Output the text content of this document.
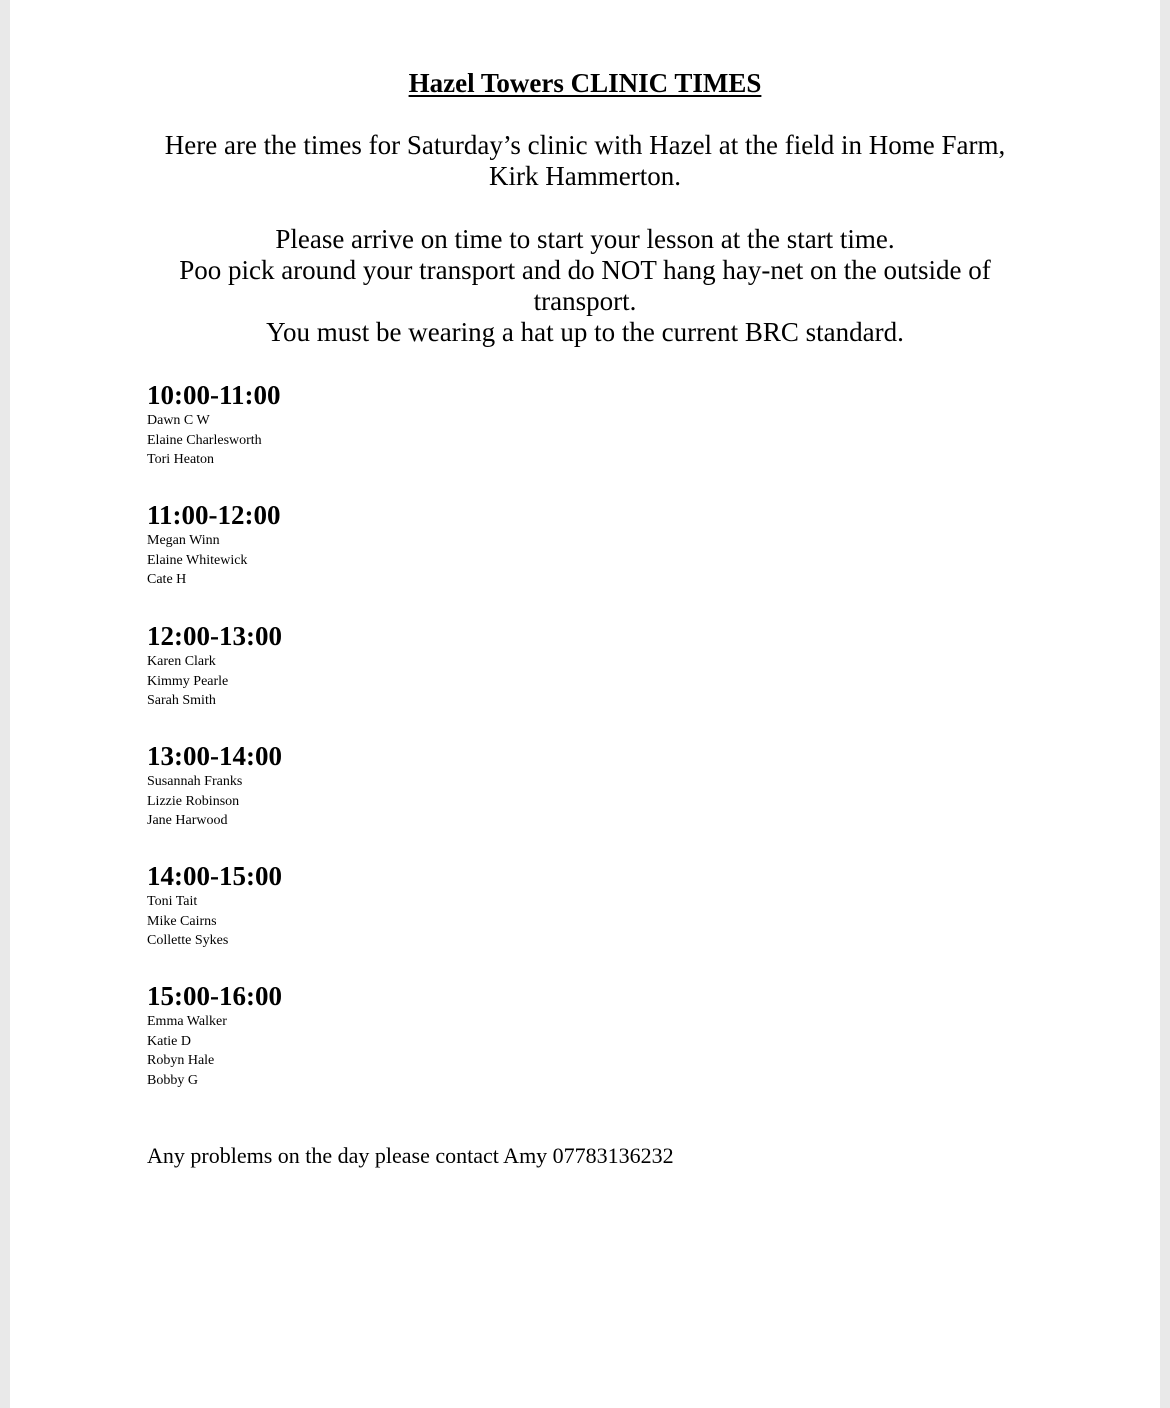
Hazel Towers CLINIC TIMES

Here are the times for Saturday’s clinic with Hazel at the field in Home Farm,

Kirk Hammerton.

Please arrive on time to start your lesson at the start time.

Poo pick around your transport and do NOT hang hay-net on the outside of

transport.

You must be wearing a hat up to the current BRC standard.

10:00-11:00
Dawn C W
Elaine Charlesworth
Tori Heaton
11:00-12:00
Megan Winn
Elaine Whitewick
Cate H
12:00-13:00
Karen Clark
Kimmy Pearle
Sarah Smith
13:00-14:00
Susannah Franks
Lizzie Robinson
Jane Harwood
14:00-15:00
Toni Tait
Mike Cairns
Collette Sykes
15:00-16:00
Emma Walker
Katie D
Robyn Hale
Bobby G
Any problems on the day please contact Amy 07783136232
